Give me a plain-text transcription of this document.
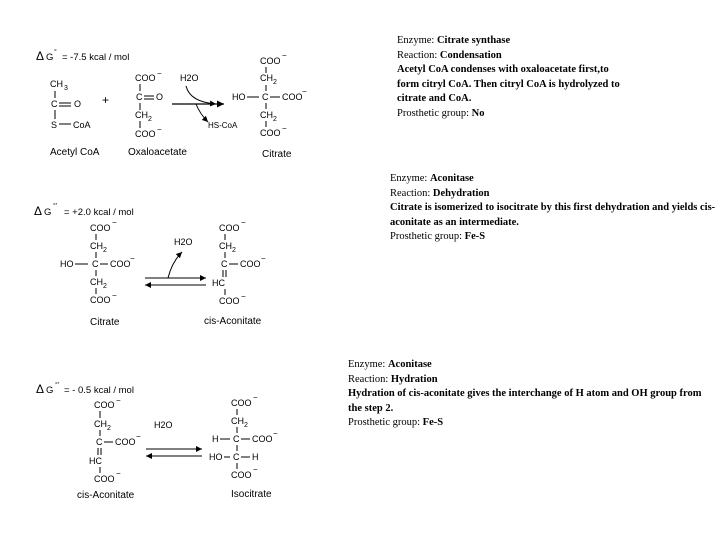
Δ G ° = -7.5 kcal / mol
CH 3
C O
S CoA
Acetyl CoA
+
COO −
C O
CH 2
COO −
Oxaloacetate
H2O
HS-CoA
COO
−
CH 2
HO C COO
−
CH 2
COO −
Citrate
Δ G
°'
= +2.0 kcal / mol
COO
−
CH 2
HO C COO
−
CH 2
COO −
Citrate
H2O
COO
−
CH 2
C COO
−
HC
COO −
cis-Aconitate
Δ G °' = - 0.5 kcal / mol
COO −
CH 2
C COO
−
HC
COO
−
cis-Aconitate
H2O
COO
−
CH 2
H C COO
−
HO C H
COO
−
Isocitrate
Enzyme: Citrate synthase
Reaction: Condensation
Acetyl CoA condenses with oxaloacetate first,to form citryl CoA. Then citryl CoA is hydrolyzed to citrate and CoA.
Prosthetic group: No
Enzyme: Aconitase
Reaction: Dehydration
Citrate is isomerized to isocitrate by this first dehydration and yields cis-aconitate as an intermediate.
Prosthetic group: Fe-S
Enzyme: Aconitase
Reaction: Hydration
Hydration of cis-aconitate gives the interchange of H atom and OH group from the step 2.
Prosthetic group: Fe-S
